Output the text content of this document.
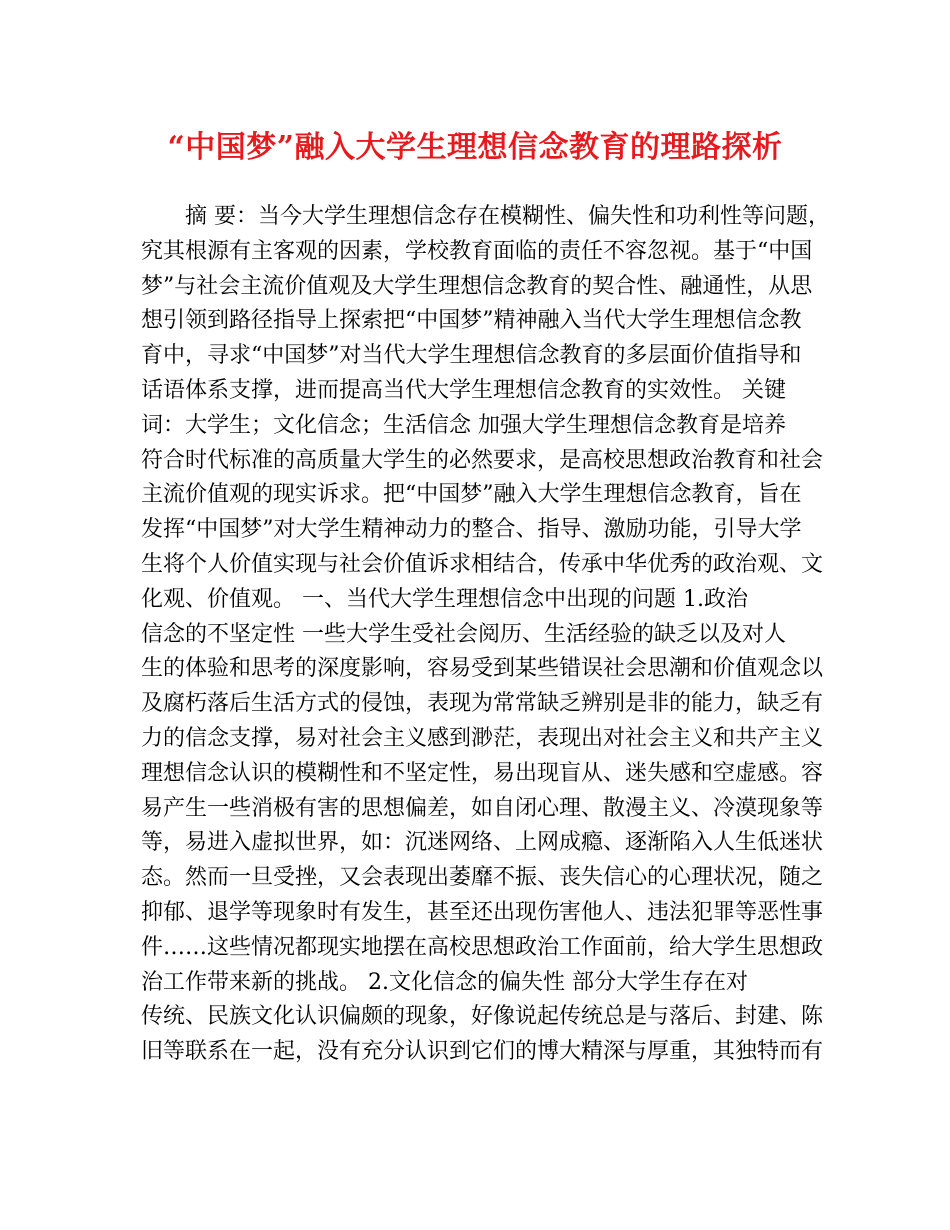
“中国梦”融入大学生理想信念教育的理路探析
摘 要：当今大学生理想信念存在模糊性、偏失性和功利性等问题，
究其根源有主客观的因素，学校教育面临的责任不容忽视。基于“中国
梦”与社会主流价值观及大学生理想信念教育的契合性、融通性，从思
想引领到路径指导上探索把“中国梦”精神融入当代大学生理想信念教
育中，寻求“中国梦”对当代大学生理想信念教育的多层面价值指导和
话语体系支撑，进而提高当代大学生理想信念教育的实效性。 关键
词：大学生；文化信念；生活信念 加强大学生理想信念教育是培养
符合时代标准的高质量大学生的必然要求，是高校思想政治教育和社会
主流价值观的现实诉求。把“中国梦”融入大学生理想信念教育，旨在
发挥“中国梦”对大学生精神动力的整合、指导、激励功能，引导大学
生将个人价值实现与社会价值诉求相结合，传承中华优秀的政治观、文
化观、价值观。 一、当代大学生理想信念中出现的问题 1.政治
信念的不坚定性 一些大学生受社会阅历、生活经验的缺乏以及对人
生的体验和思考的深度影响，容易受到某些错误社会思潮和价值观念以
及腐朽落后生活方式的侵蚀，表现为常常缺乏辨别是非的能力，缺乏有
力的信念支撑，易对社会主义感到渺茫，表现出对社会主义和共产主义
理想信念认识的模糊性和不坚定性，易出现盲从、迷失感和空虚感。容
易产生一些消极有害的思想偏差，如自闭心理、散漫主义、冷漠现象等
等，易进入虚拟世界，如：沉迷网络、上网成瘾、逐渐陷入人生低迷状
态。然而一旦受挫，又会表现出萎靡不振、丧失信心的心理状况，随之
抑郁、退学等现象时有发生，甚至还出现伤害他人、违法犯罪等恶性事
件……这些情况都现实地摆在高校思想政治工作面前，给大学生思想政
治工作带来新的挑战。 2.文化信念的偏失性 部分大学生存在对
传统、民族文化认识偏颇的现象，好像说起传统总是与落后、封建、陈
旧等联系在一起，没有充分认识到它们的博大精深与厚重，其独特而有
